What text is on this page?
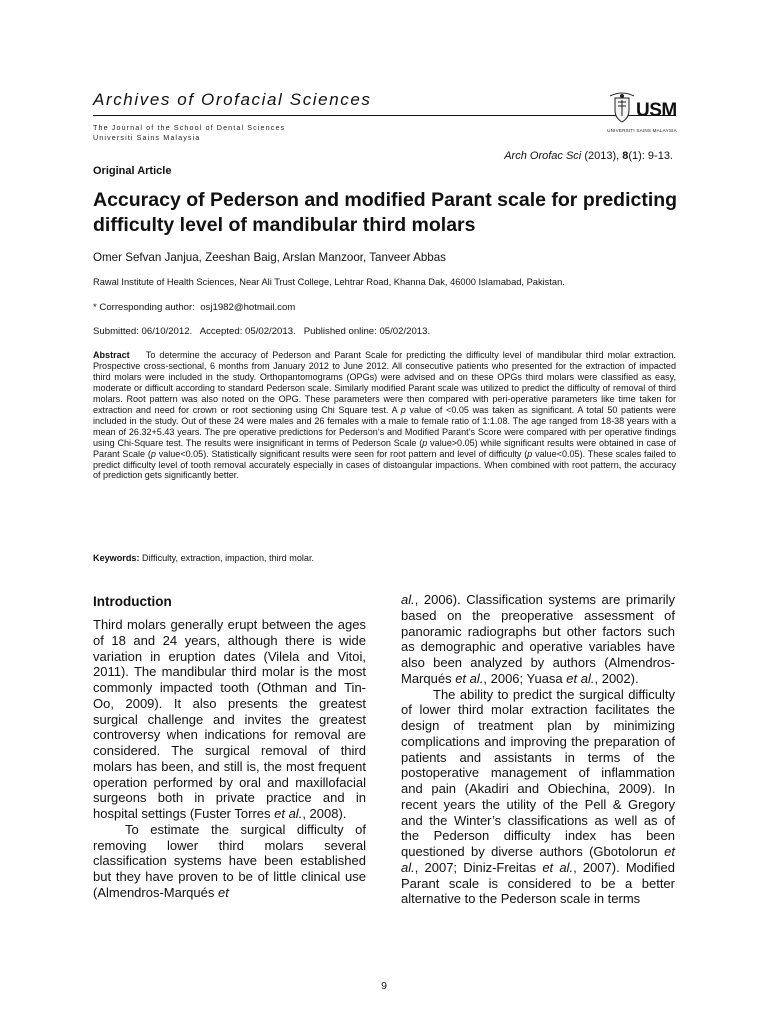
Archives of Orofacial Sciences
The Journal of the School of Dental Sciences
Universiti Sains Malaysia
USM
UNIVERSITI SAINS MALAYSIA
Arch Orofac Sci (2013), 8(1): 9-13.
Original Article
Accuracy of Pederson and modified Parant scale for predicting difficulty level of mandibular third molars
Omer Sefvan Janjua, Zeeshan Baig, Arslan Manzoor, Tanveer Abbas
Rawal Institute of Health Sciences, Near Ali Trust College, Lehtrar Road, Khanna Dak, 46000 Islamabad, Pakistan.
* Corresponding author: osj1982@hotmail.com
Submitted: 06/10/2012. Accepted: 05/02/2013. Published online: 05/02/2013.
Abstract To determine the accuracy of Pederson and Parant Scale for predicting the difficulty level of mandibular third molar extraction. Prospective cross-sectional, 6 months from January 2012 to June 2012. All consecutive patients who presented for the extraction of impacted third molars were included in the study. Orthopantomograms (OPGs) were advised and on these OPGs third molars were classified as easy, moderate or difficult according to standard Pederson scale. Similarly modified Parant scale was utilized to predict the difficulty of removal of third molars. Root pattern was also noted on the OPG. These parameters were then compared with peri-operative parameters like time taken for extraction and need for crown or root sectioning using Chi Square test. A p value of <0.05 was taken as significant. A total 50 patients were included in the study. Out of these 24 were males and 26 females with a male to female ratio of 1:1.08. The age ranged from 18-38 years with a mean of 26.32+5.43 years. The pre operative predictions for Pederson’s and Modified Parant’s Score were compared with per operative findings using Chi-Square test. The results were insignificant in terms of Pederson Scale (p value>0.05) while significant results were obtained in case of Parant Scale (p value<0.05). Statistically significant results were seen for root pattern and level of difficulty (p value<0.05). These scales failed to predict difficulty level of tooth removal accurately especially in cases of distoangular impactions. When combined with root pattern, the accuracy of prediction gets significantly better.
Keywords: Difficulty, extraction, impaction, third molar.
Introduction

Third molars generally erupt between the ages of 18 and 24 years, although there is wide variation in eruption dates (Vilela and Vitoi, 2011). The mandibular third molar is the most commonly impacted tooth (Othman and Tin-Oo, 2009). It also presents the greatest surgical challenge and invites the greatest controversy when indications for removal are considered. The surgical removal of third molars has been, and still is, the most frequent operation performed by oral and maxillofacial surgeons both in private practice and in hospital settings (Fuster Torres et al., 2008).

To estimate the surgical difficulty of removing lower third molars several classification systems have been established but they have proven to be of little clinical use (Almendros-Marqués et

al., 2006). Classification systems are primarily based on the preoperative assessment of panoramic radiographs but other factors such as demographic and operative variables have also been analyzed by authors (Almendros-Marqués et al., 2006; Yuasa et al., 2002).

The ability to predict the surgical difficulty of lower third molar extraction facilitates the design of treatment plan by minimizing complications and improving the preparation of patients and assistants in terms of the postoperative management of inflammation and pain (Akadiri and Obiechina, 2009). In recent years the utility of the Pell & Gregory and the Winter’s classifications as well as of the Pederson difficulty index has been questioned by diverse authors (Gbotolorun et al., 2007; Diniz-Freitas et al., 2007). Modified Parant scale is considered to be a better alternative to the Pederson scale in terms

9
